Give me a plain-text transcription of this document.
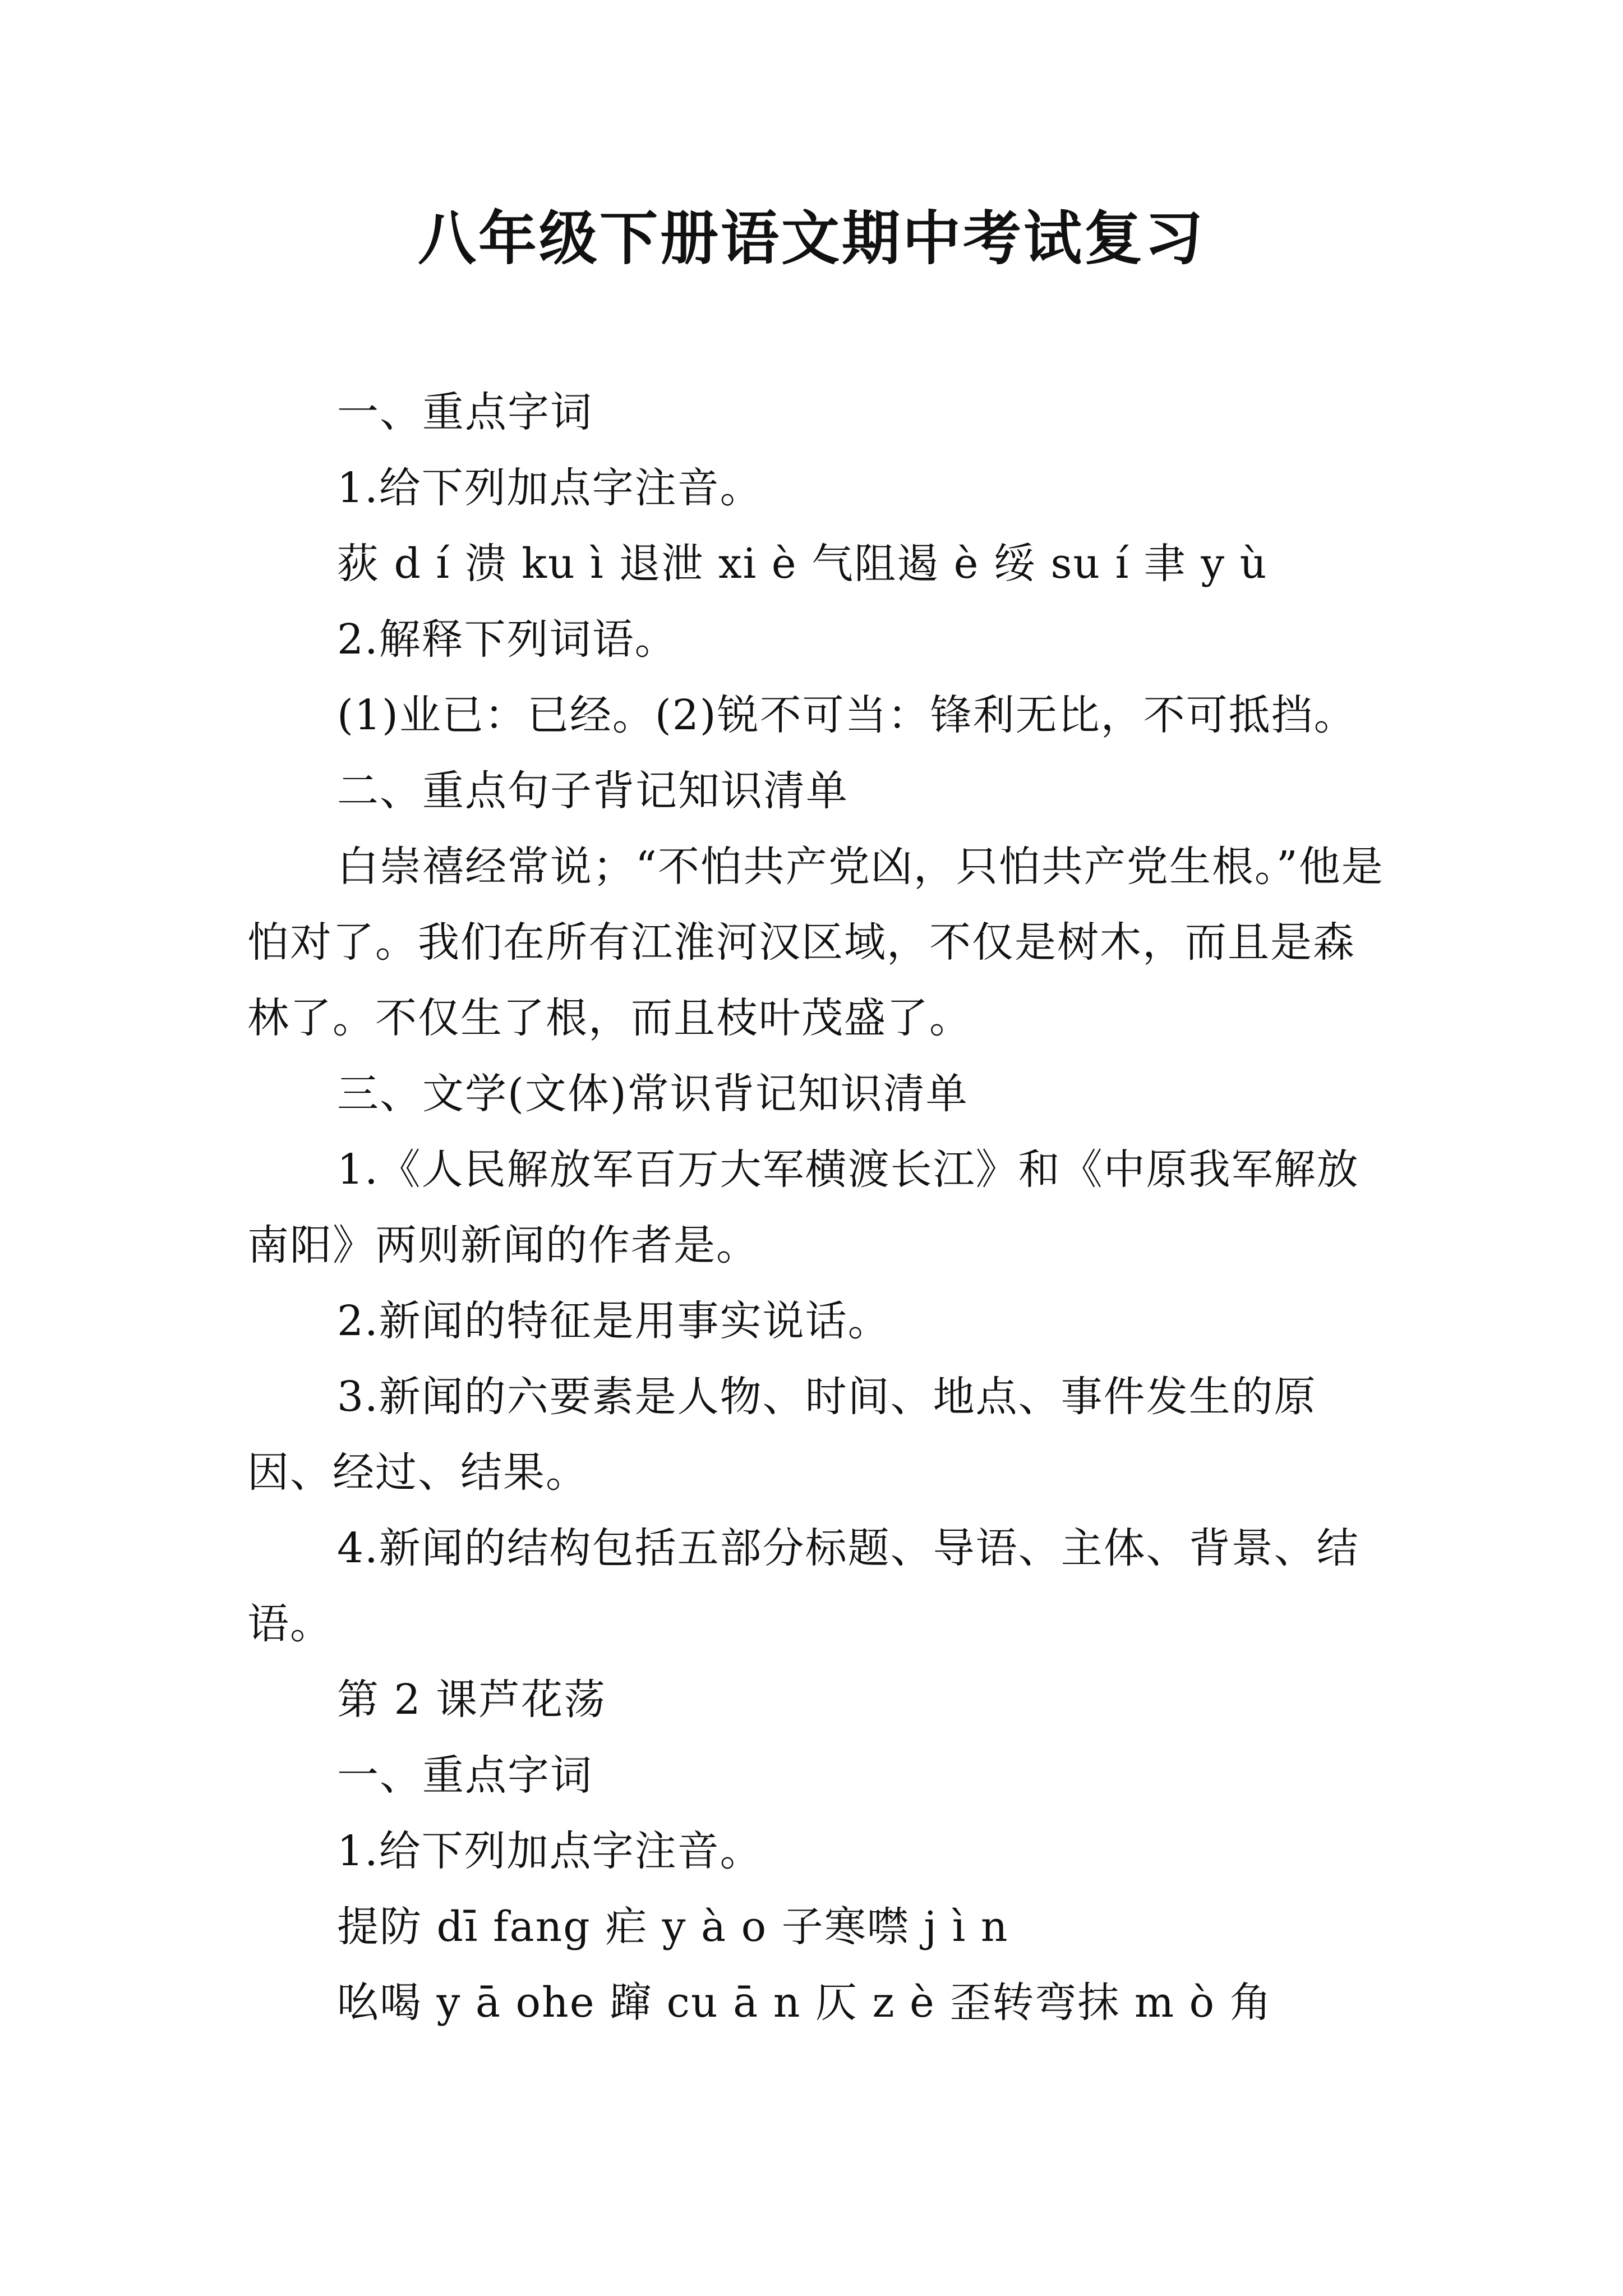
八年级下册语文期中考试复习

一、重点字词

1.给下列加点字注音。

荻 d í 溃 ku ì 退泄 xi è 气阻遏 è 绥 su í 聿 y ù

2.解释下列词语。

(1)业已：已经。(2)锐不可当：锋利无比，不可抵挡。

二、重点句子背记知识清单

白崇禧经常说；“不怕共产党凶，只怕共产党生根。”他是怕对了。我们在所有江淮河汉区域，不仅是树木，而且是森林了。不仅生了根，而且枝叶茂盛了。

三、文学(文体)常识背记知识清单

1.《人民解放军百万大军横渡长江》和《中原我军解放南阳》两则新闻的作者是。

2.新闻的特征是用事实说话。

3.新闻的六要素是人物、时间、地点、事件发生的原因、经过、结果。

4.新闻的结构包括五部分标题、导语、主体、背景、结语。

第 2 课芦花荡

一、重点字词

1.给下列加点字注音。

提防 dī fang 疟 y à o 子寒噤 j ì n

吆喝 y ā ohe 蹿 cu ā n 仄 z è 歪转弯抹 m ò 角
